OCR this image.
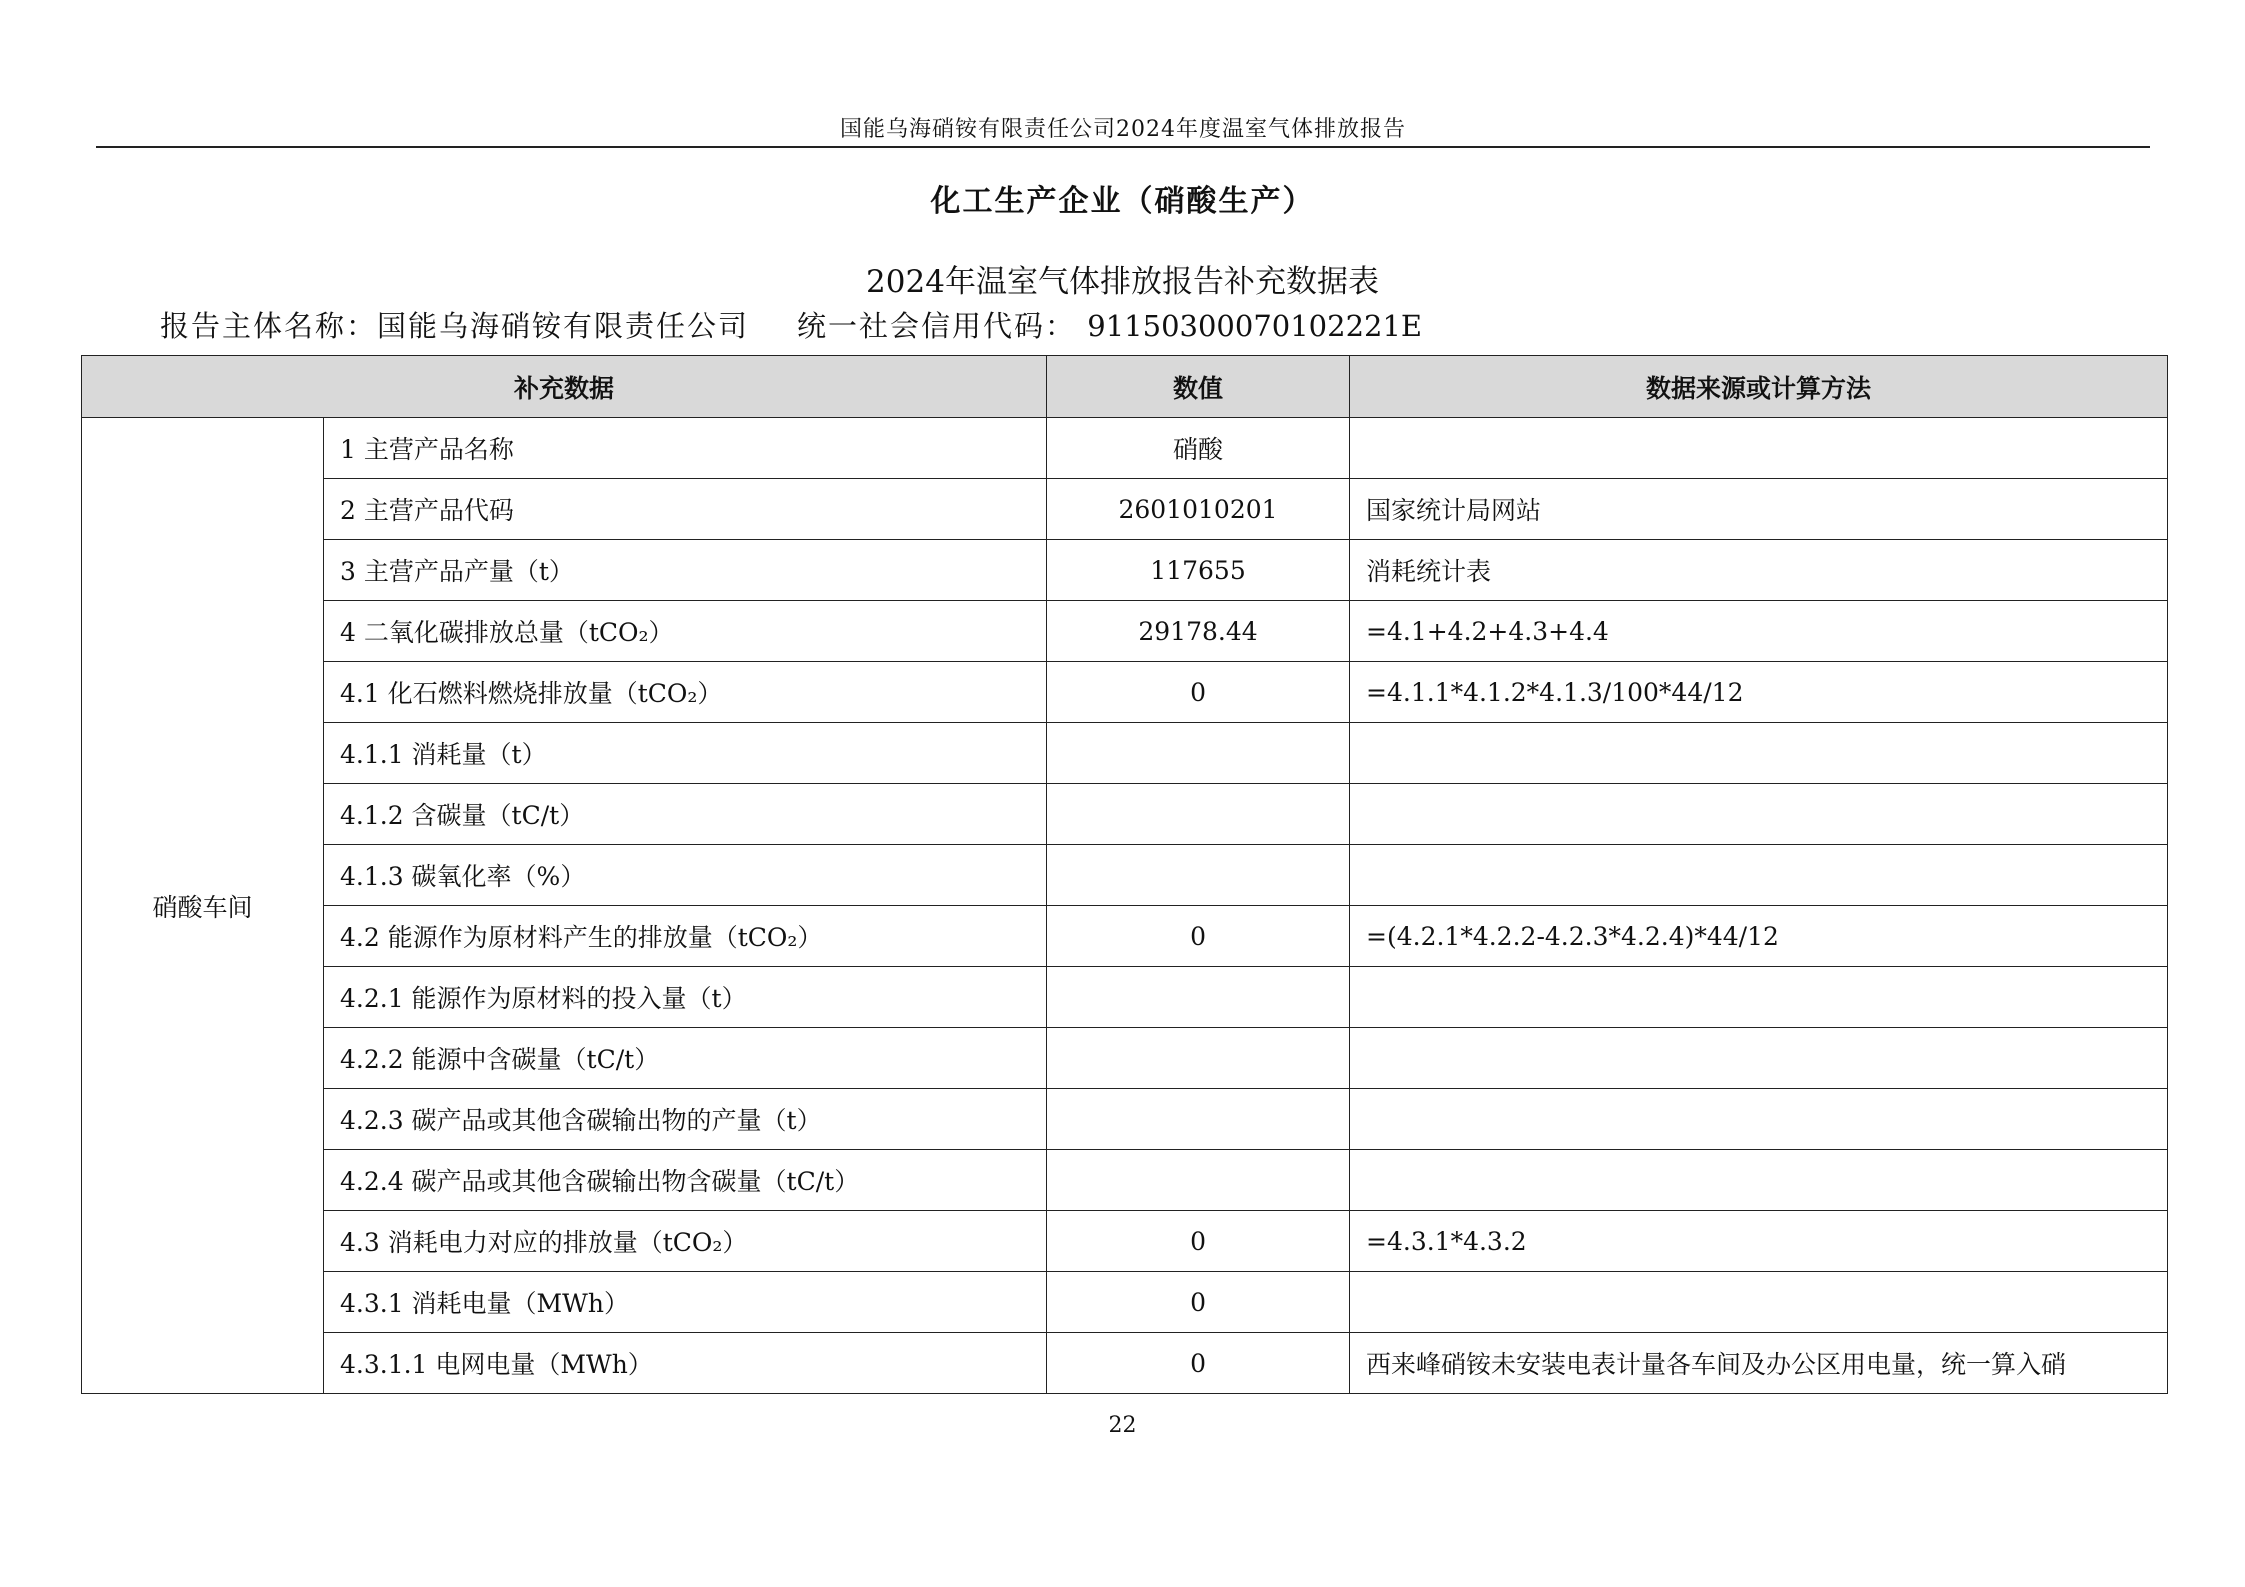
国能乌海硝铵有限责任公司2024年度温室气体排放报告
化工生产企业（硝酸生产）
2024年温室气体排放报告补充数据表
报告主体名称：国能乌海硝铵有限责任公司 统一社会信用代码： 91150300070102221E
补充数据		数值	数据来源或计算方法
硝酸车间	1 主营产品名称	硝酸	
	2 主营产品代码	2601010201	国家统计局网站
	3 主营产品产量（t）	117655	消耗统计表
	4 二氧化碳排放总量（tCO₂）	29178.44	=4.1+4.2+4.3+4.4
	4.1 化石燃料燃烧排放量（tCO₂）	0	=4.1.1*4.1.2*4.1.3/100*44/12
	4.1.1 消耗量（t）		
	4.1.2 含碳量（tC/t）		
	4.1.3 碳氧化率（%）		
	4.2 能源作为原材料产生的排放量（tCO₂）	0	=(4.2.1*4.2.2-4.2.3*4.2.4)*44/12
	4.2.1 能源作为原材料的投入量（t）		
	4.2.2 能源中含碳量（tC/t）		
	4.2.3 碳产品或其他含碳输出物的产量（t）		
	4.2.4 碳产品或其他含碳输出物含碳量（tC/t）		
	4.3 消耗电力对应的排放量（tCO₂）	0	=4.3.1*4.3.2
	4.3.1 消耗电量（MWh）	0	
	4.3.1.1 电网电量（MWh）	0	西来峰硝铵未安装电表计量各车间及办公区用电量，统一算入硝
22
